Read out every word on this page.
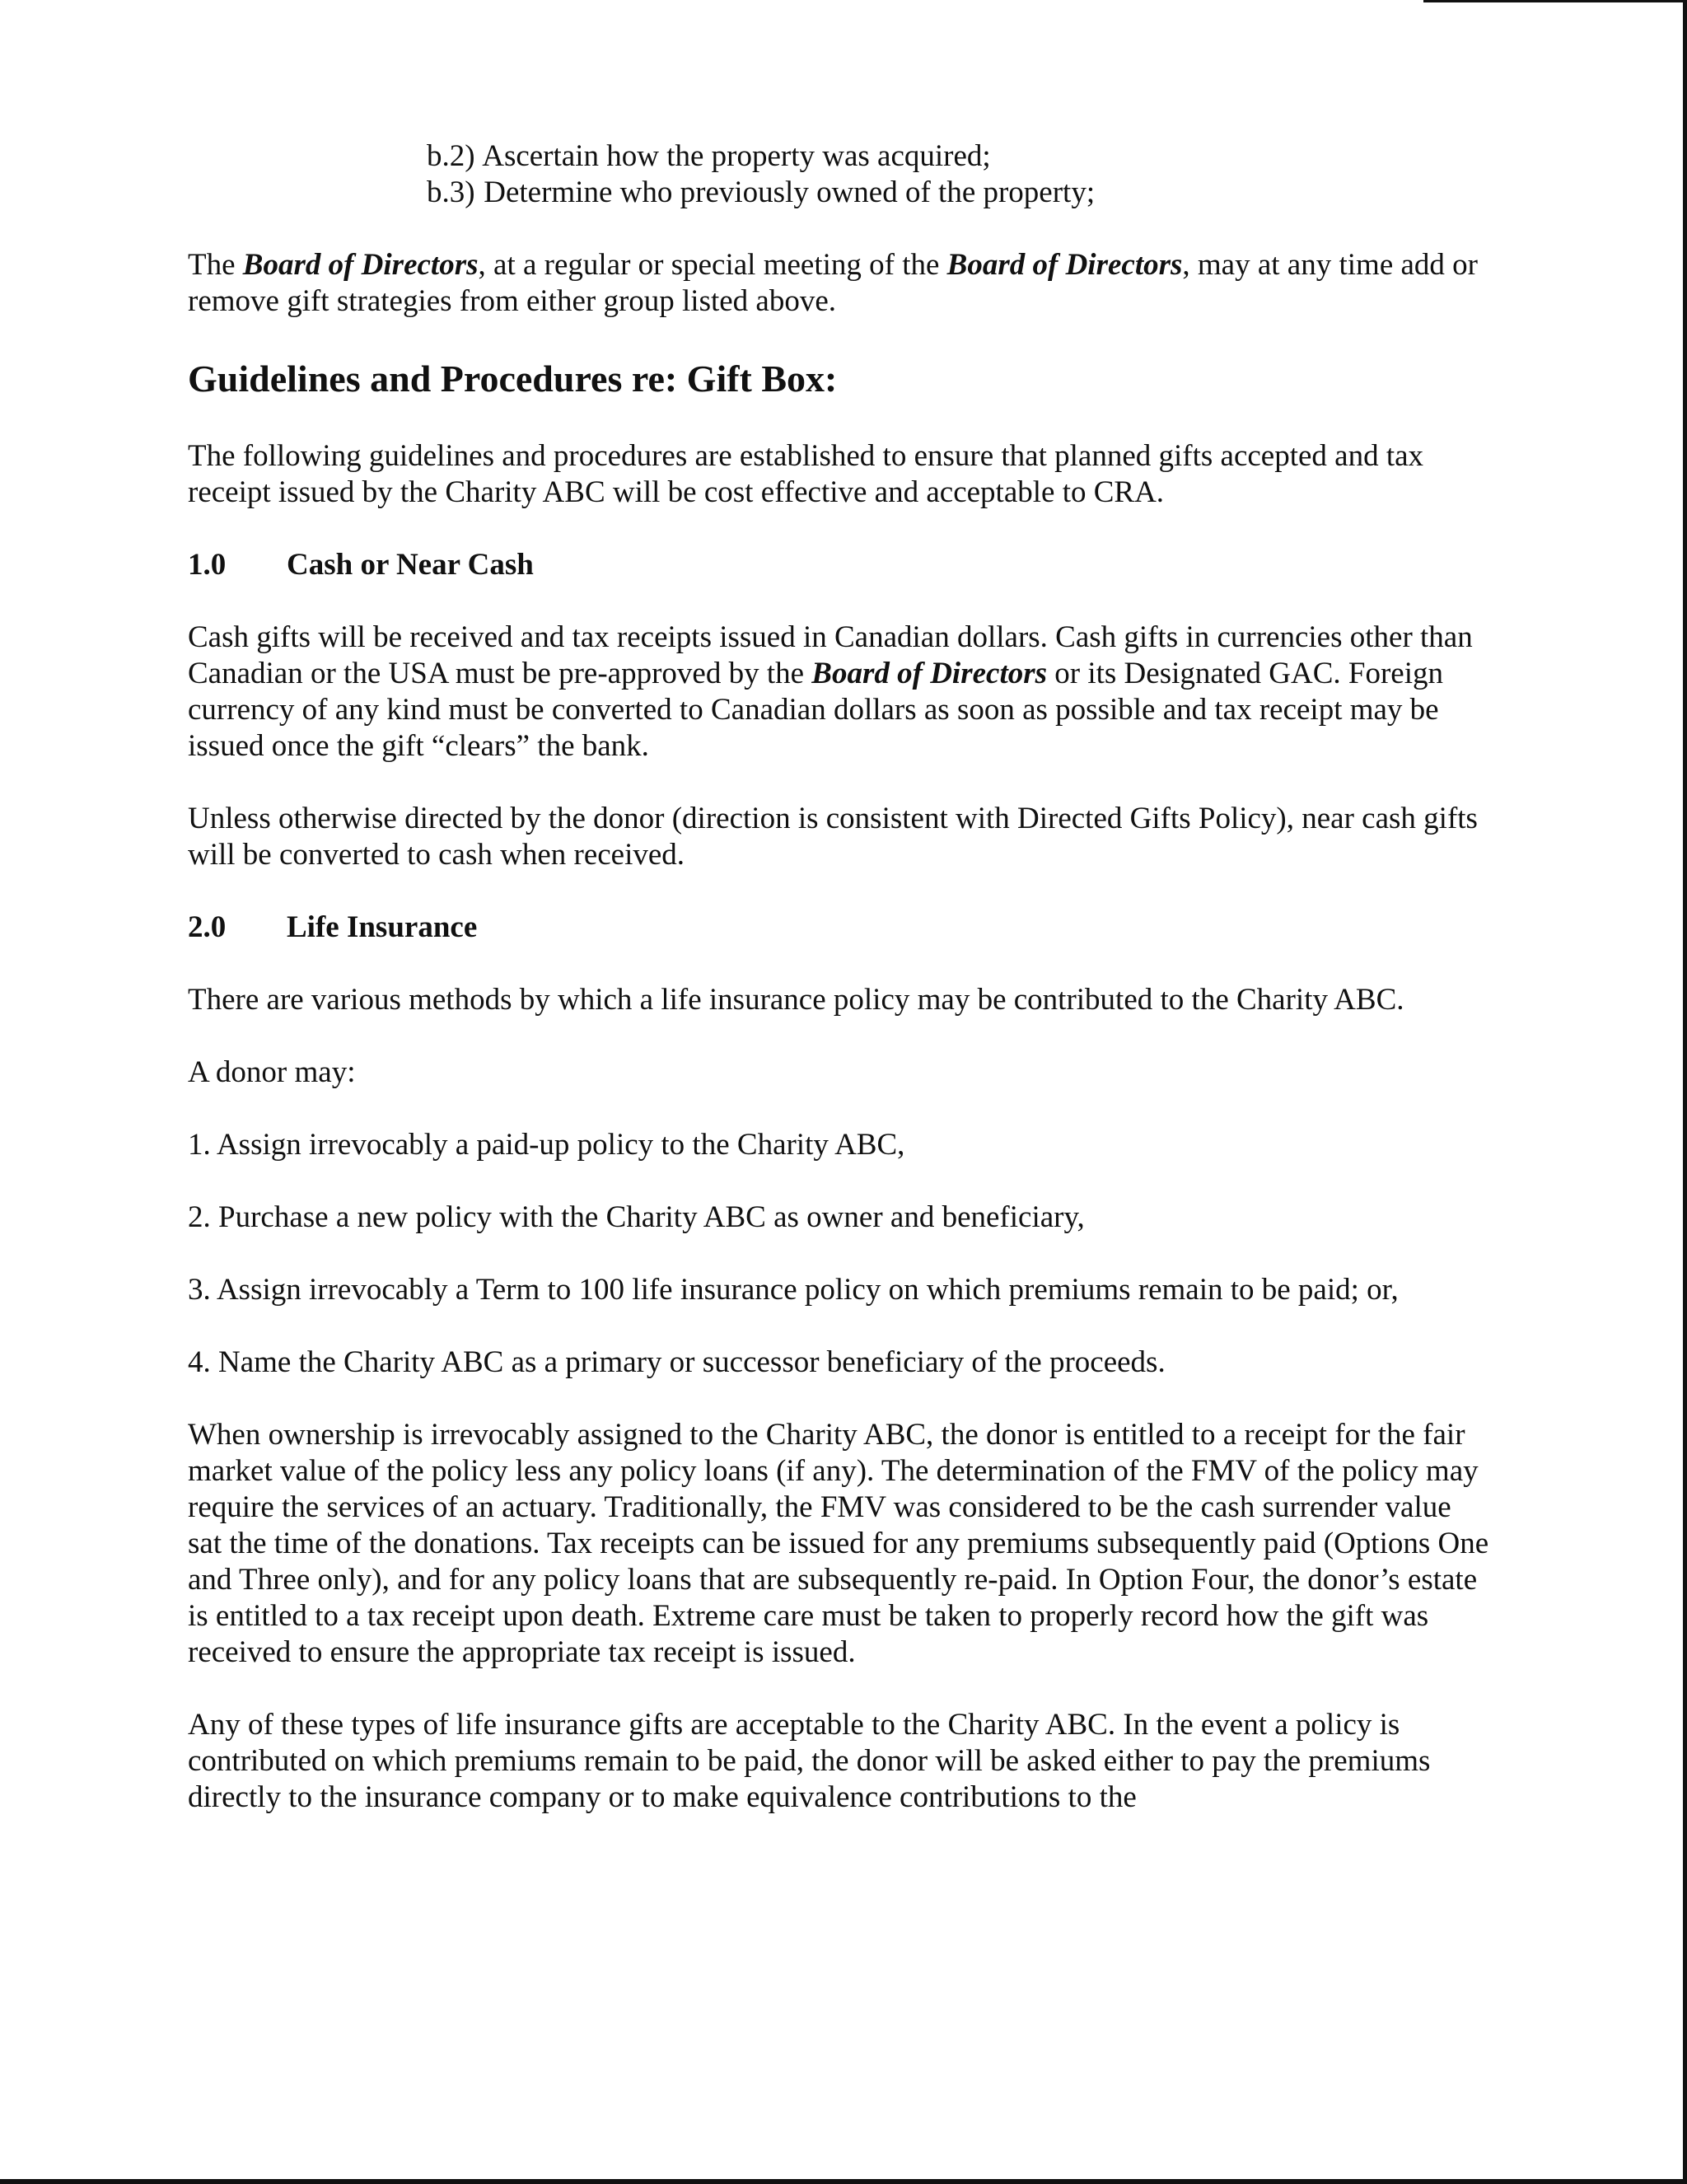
b.2) Ascertain how the property was acquired;
b.3) Determine who previously owned of the property;

The Board of Directors, at a regular or special meeting of the Board of Directors, may at any time add or remove gift strategies from either group listed above.

Guidelines and Procedures re: Gift Box:

The following guidelines and procedures are established to ensure that planned gifts accepted and tax receipt issued by the Charity ABC will be cost effective and acceptable to CRA.

1.0 Cash or Near Cash

Cash gifts will be received and tax receipts issued in Canadian dollars. Cash gifts in currencies other than Canadian or the USA must be pre-approved by the Board of Directors or its Designated GAC. Foreign currency of any kind must be converted to Canadian dollars as soon as possible and tax receipt may be issued once the gift “clears” the bank.

Unless otherwise directed by the donor (direction is consistent with Directed Gifts Policy), near cash gifts will be converted to cash when received.

2.0 Life Insurance

There are various methods by which a life insurance policy may be contributed to the Charity ABC.

A donor may:

1. Assign irrevocably a paid-up policy to the Charity ABC,
2. Purchase a new policy with the Charity ABC as owner and beneficiary,
3. Assign irrevocably a Term to 100 life insurance policy on which premiums remain to be paid; or,
4. Name the Charity ABC as a primary or successor beneficiary of the proceeds.

When ownership is irrevocably assigned to the Charity ABC, the donor is entitled to a receipt for the fair market value of the policy less any policy loans (if any). The determination of the FMV of the policy may require the services of an actuary. Traditionally, the FMV was considered to be the cash surrender value sat the time of the donations. Tax receipts can be issued for any premiums subsequently paid (Options One and Three only), and for any policy loans that are subsequently re-paid. In Option Four, the donor’s estate is entitled to a tax receipt upon death. Extreme care must be taken to properly record how the gift was received to ensure the appropriate tax receipt is issued.

Any of these types of life insurance gifts are acceptable to the Charity ABC. In the event a policy is contributed on which premiums remain to be paid, the donor will be asked either to pay the premiums directly to the insurance company or to make equivalence contributions to the
